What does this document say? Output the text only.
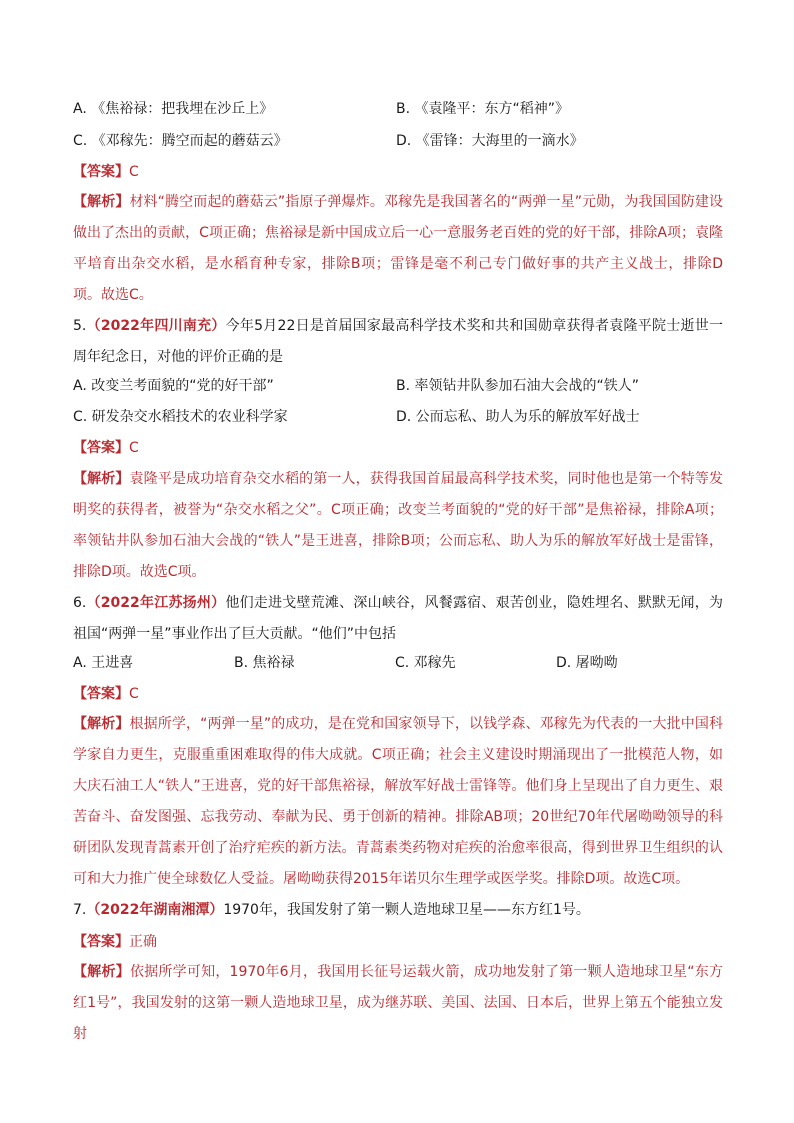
A. 《焦裕禄：把我埋在沙丘上》	B. 《袁隆平：东方“稻神”》
C. 《邓稼先：腾空而起的蘑菇云》	D. 《雷锋：大海里的一滴水》
【答案】C
【解析】材料“腾空而起的蘑菇云”指原子弹爆炸。邓稼先是我国著名的“两弹一星”元勋，为我国国防建设做出了杰出的贡献，C项正确；焦裕禄是新中国成立后一心一意服务老百姓的党的好干部，排除A项；袁隆平培育出杂交水稻，是水稻育种专家，排除B项；雷锋是毫不利己专门做好事的共产主义战士，排除D项。故选C。
5.（2022年四川南充）今年5月22日是首届国家最高科学技术奖和共和国勋章获得者袁隆平院士逝世一周年纪念日，对他的评价正确的是
A. 改变兰考面貌的“党的好干部”	B. 率领钻井队参加石油大会战的“铁人”
C. 研发杂交水稻技术的农业科学家	D. 公而忘私、助人为乐的解放军好战士
【答案】C
【解析】袁隆平是成功培育杂交水稻的第一人，获得我国首届最高科学技术奖，同时他也是第一个特等发明奖的获得者，被誉为“杂交水稻之父”。C项正确；改变兰考面貌的“党的好干部”是焦裕禄，排除A项；率领钻井队参加石油大会战的“铁人”是王进喜，排除B项；公而忘私、助人为乐的解放军好战士是雷锋，排除D项。故选C项。
6.（2022年江苏扬州）他们走进戈壁荒滩、深山峡谷，风餐露宿、艰苦创业，隐姓埋名、默默无闻，为祖国“两弹一星”事业作出了巨大贡献。“他们”中包括
A. 王进喜	B. 焦裕禄	C. 邓稼先	D. 屠呦呦
【答案】C
【解析】根据所学，“两弹一星”的成功，是在党和国家领导下，以钱学森、邓稼先为代表的一大批中国科学家自力更生，克服重重困难取得的伟大成就。C项正确；社会主义建设时期涌现出了一批模范人物，如大庆石油工人“铁人”王进喜，党的好干部焦裕禄，解放军好战士雷锋等。他们身上呈现出了自力更生、艰苦奋斗、奋发图强、忘我劳动、奉献为民、勇于创新的精神。排除AB项；20世纪70年代屠呦呦领导的科研团队发现青蒿素开创了治疗疟疾的新方法。青蒿素类药物对疟疾的治愈率很高，得到世界卫生组织的认可和大力推广使全球数亿人受益。屠呦呦获得2015年诺贝尔生理学或医学奖。排除D项。故选C项。
7.（2022年湖南湘潭）1970年，我国发射了第一颗人造地球卫星——东方红1号。
【答案】正确
【解析】依据所学可知，1970年6月，我国用长征号运载火箭，成功地发射了第一颗人造地球卫星“东方红1号”，我国发射的这第一颗人造地球卫星，成为继苏联、美国、法国、日本后，世界上第五个能独立发射
